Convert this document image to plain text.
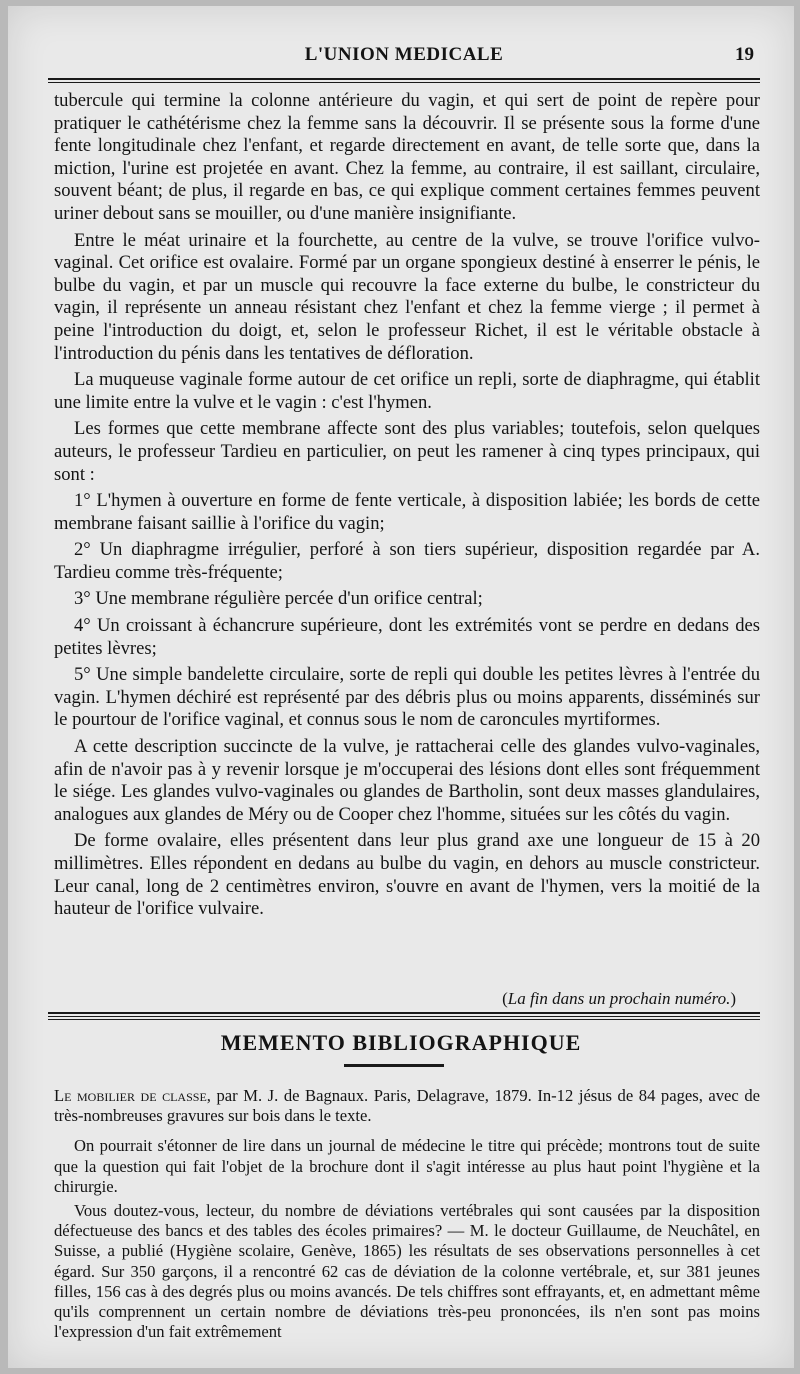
L'UNION MEDICALE	19

tubercule qui termine la colonne antérieure du vagin, et qui sert de point de repère pour pratiquer le cathétérisme chez la femme sans la découvrir. Il se présente sous la forme d'une fente longitudinale chez l'enfant, et regarde directement en avant, de telle sorte que, dans la miction, l'urine est projetée en avant. Chez la femme, au contraire, il est saillant, circulaire, souvent béant; de plus, il regarde en bas, ce qui explique comment certaines femmes peuvent uriner debout sans se mouiller, ou d'une manière insignifiante.

Entre le méat urinaire et la fourchette, au centre de la vulve, se trouve l'orifice vulvo-vaginal. Cet orifice est ovalaire. Formé par un organe spongieux destiné à enserrer le pénis, le bulbe du vagin, et par un muscle qui recouvre la face externe du bulbe, le constricteur du vagin, il représente un anneau résistant chez l'enfant et chez la femme vierge ; il permet à peine l'introduction du doigt, et, selon le professeur Richet, il est le véritable obstacle à l'introduction du pénis dans les tentatives de défloration.

La muqueuse vaginale forme autour de cet orifice un repli, sorte de diaphragme, qui établit une limite entre la vulve et le vagin : c'est l'hymen.

Les formes que cette membrane affecte sont des plus variables; toutefois, selon quelques auteurs, le professeur Tardieu en particulier, on peut les ramener à cinq types principaux, qui sont :

1° L'hymen à ouverture en forme de fente verticale, à disposition labiée; les bords de cette membrane faisant saillie à l'orifice du vagin;

2° Un diaphragme irrégulier, perforé à son tiers supérieur, disposition regardée par A. Tardieu comme très-fréquente;

3° Une membrane régulière percée d'un orifice central;

4° Un croissant à échancrure supérieure, dont les extrémités vont se perdre en dedans des petites lèvres;

5° Une simple bandelette circulaire, sorte de repli qui double les petites lèvres à l'entrée du vagin. L'hymen déchiré est représenté par des débris plus ou moins apparents, disséminés sur le pourtour de l'orifice vaginal, et connus sous le nom de caroncules myrtiformes.

A cette description succincte de la vulve, je rattacherai celle des glandes vulvo-vaginales, afin de n'avoir pas à y revenir lorsque je m'occuperai des lésions dont elles sont fréquemment le siége. Les glandes vulvo-vaginales ou glandes de Bartholin, sont deux masses glandulaires, analogues aux glandes de Méry ou de Cooper chez l'homme, situées sur les côtés du vagin.

De forme ovalaire, elles présentent dans leur plus grand axe une longueur de 15 à 20 millimètres. Elles répondent en dedans au bulbe du vagin, en dehors au muscle constricteur. Leur canal, long de 2 centimètres environ, s'ouvre en avant de l'hymen, vers la moitié de la hauteur de l'orifice vulvaire.

(La fin dans un prochain numéro.)
MEMENTO BIBLIOGRAPHIQUE
Le mobilier de classe, par M. J. de Bagnaux. Paris, Delagrave, 1879. In-12 jésus de 84 pages, avec de très-nombreuses gravures sur bois dans le texte.

On pourrait s'étonner de lire dans un journal de médecine le titre qui précède; montrons tout de suite que la question qui fait l'objet de la brochure dont il s'agit intéresse au plus haut point l'hygiène et la chirurgie.

Vous doutez-vous, lecteur, du nombre de déviations vertébrales qui sont causées par la disposition défectueuse des bancs et des tables des écoles primaires? — M. le docteur Guillaume, de Neuchâtel, en Suisse, a publié (Hygiène scolaire, Genève, 1865) les résultats de ses observations personnelles à cet égard. Sur 350 garçons, il a rencontré 62 cas de déviation de la colonne vertébrale, et, sur 381 jeunes filles, 156 cas à des degrés plus ou moins avancés. De tels chiffres sont effrayants, et, en admettant même qu'ils comprennent un certain nombre de déviations très-peu prononcées, ils n'en sont pas moins l'expression d'un fait extrêmement
